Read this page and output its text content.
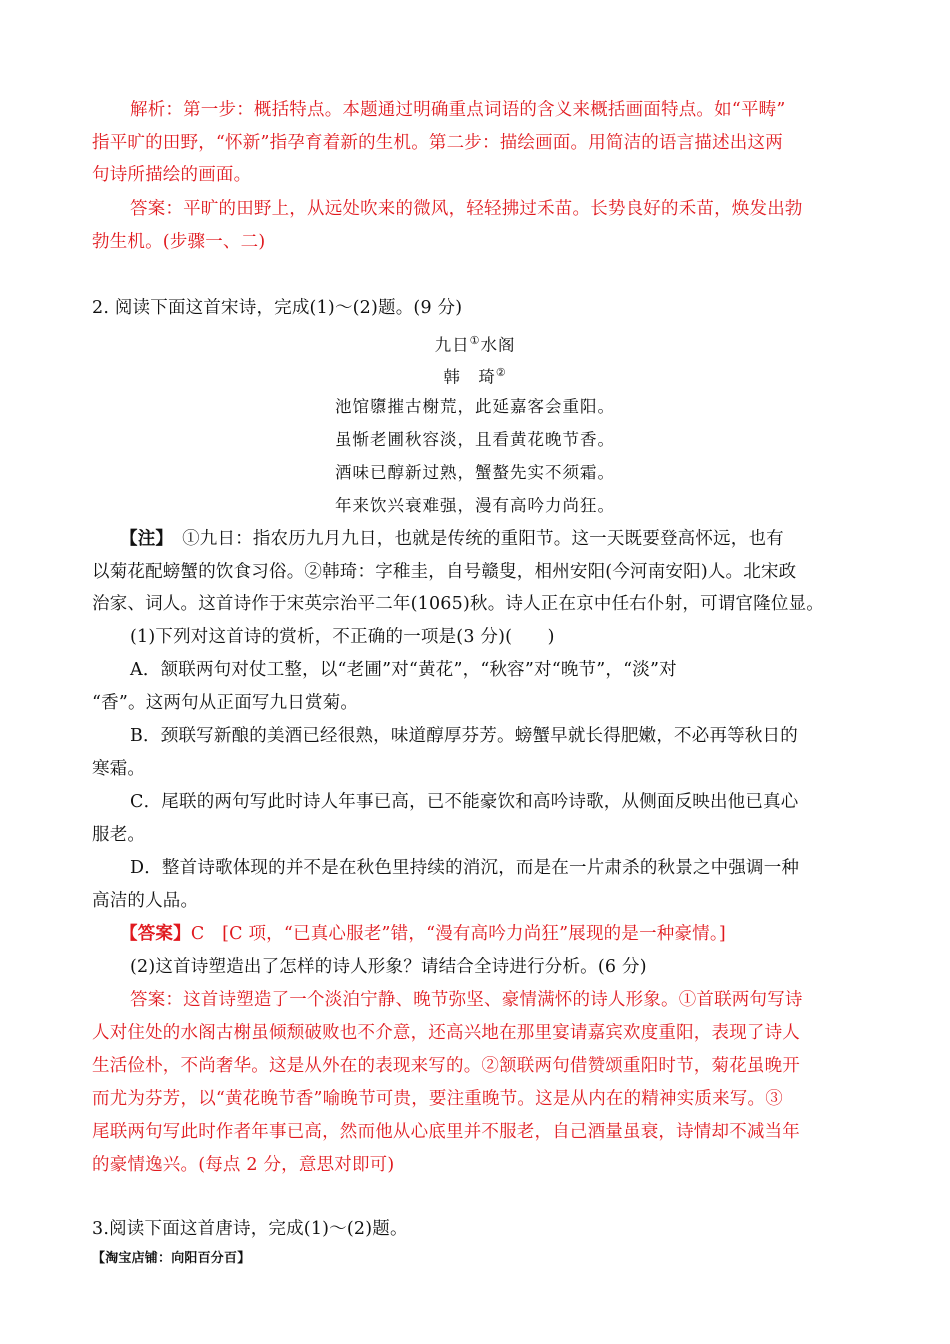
解析：第一步：概括特点。本题通过明确重点词语的含义来概括画面特点。如“平畴”
指平旷的田野，“怀新”指孕育着新的生机。第二步：描绘画面。用简洁的语言描述出这两
句诗所描绘的画面。
答案：平旷的田野上，从远处吹来的微风，轻轻拂过禾苗。长势良好的禾苗，焕发出勃
勃生机。(步骤一、二)
2. 阅读下面这首宋诗，完成(1)～(2)题。(9 分)
九日①水阁
韩　琦②
池馆隳摧古榭荒，此延嘉客会重阳。
虽惭老圃秋容淡，且看黄花晚节香。
酒味已醇新过熟，蟹螯先实不须霜。
年来饮兴衰难强，漫有高吟力尚狂。
【注】　 ①九日：指农历九月九日，也就是传统的重阳节。这一天既要登高怀远，也有
以菊花配螃蟹的饮食习俗。②韩琦：字稚圭，自号赣叟，相州安阳(今河南安阳)人。北宋政
治家、词人。这首诗作于宋英宗治平二年(1065)秋。诗人正在京中任右仆射，可谓官隆位显。
(1)下列对这首诗的赏析，不正确的一项是(3 分)(　　)
A．颔联两句对仗工整，以“老圃”对“黄花”，“秋容”对“晚节”，“淡”对
“香”。这两句从正面写九日赏菊。
B．颈联写新酿的美酒已经很熟，味道醇厚芬芳。螃蟹早就长得肥嫩，不必再等秋日的
寒霜。
C．尾联的两句写此时诗人年事已高，已不能豪饮和高吟诗歌，从侧面反映出他已真心
服老。
D．整首诗歌体现的并不是在秋色里持续的消沉，而是在一片肃杀的秋景之中强调一种
高洁的人品。
【答案】C　[C 项，“已真心服老”错，“漫有高吟力尚狂”展现的是一种豪情。]
(2)这首诗塑造出了怎样的诗人形象？请结合全诗进行分析。(6 分)
答案：这首诗塑造了一个淡泊宁静、晚节弥坚、豪情满怀的诗人形象。①首联两句写诗
人对住处的水阁古榭虽倾颓破败也不介意，还高兴地在那里宴请嘉宾欢度重阳，表现了诗人
生活俭朴，不尚奢华。这是从外在的表现来写的。②颔联两句借赞颂重阳时节，菊花虽晚开
而尤为芬芳，以“黄花晚节香”喻晚节可贵，要注重晚节。这是从内在的精神实质来写。③
尾联两句写此时作者年事已高，然而他从心底里并不服老，自己酒量虽衰，诗情却不减当年
的豪情逸兴。(每点 2 分，意思对即可)
3.阅读下面这首唐诗，完成(1)～(2)题。
【淘宝店铺：向阳百分百】
